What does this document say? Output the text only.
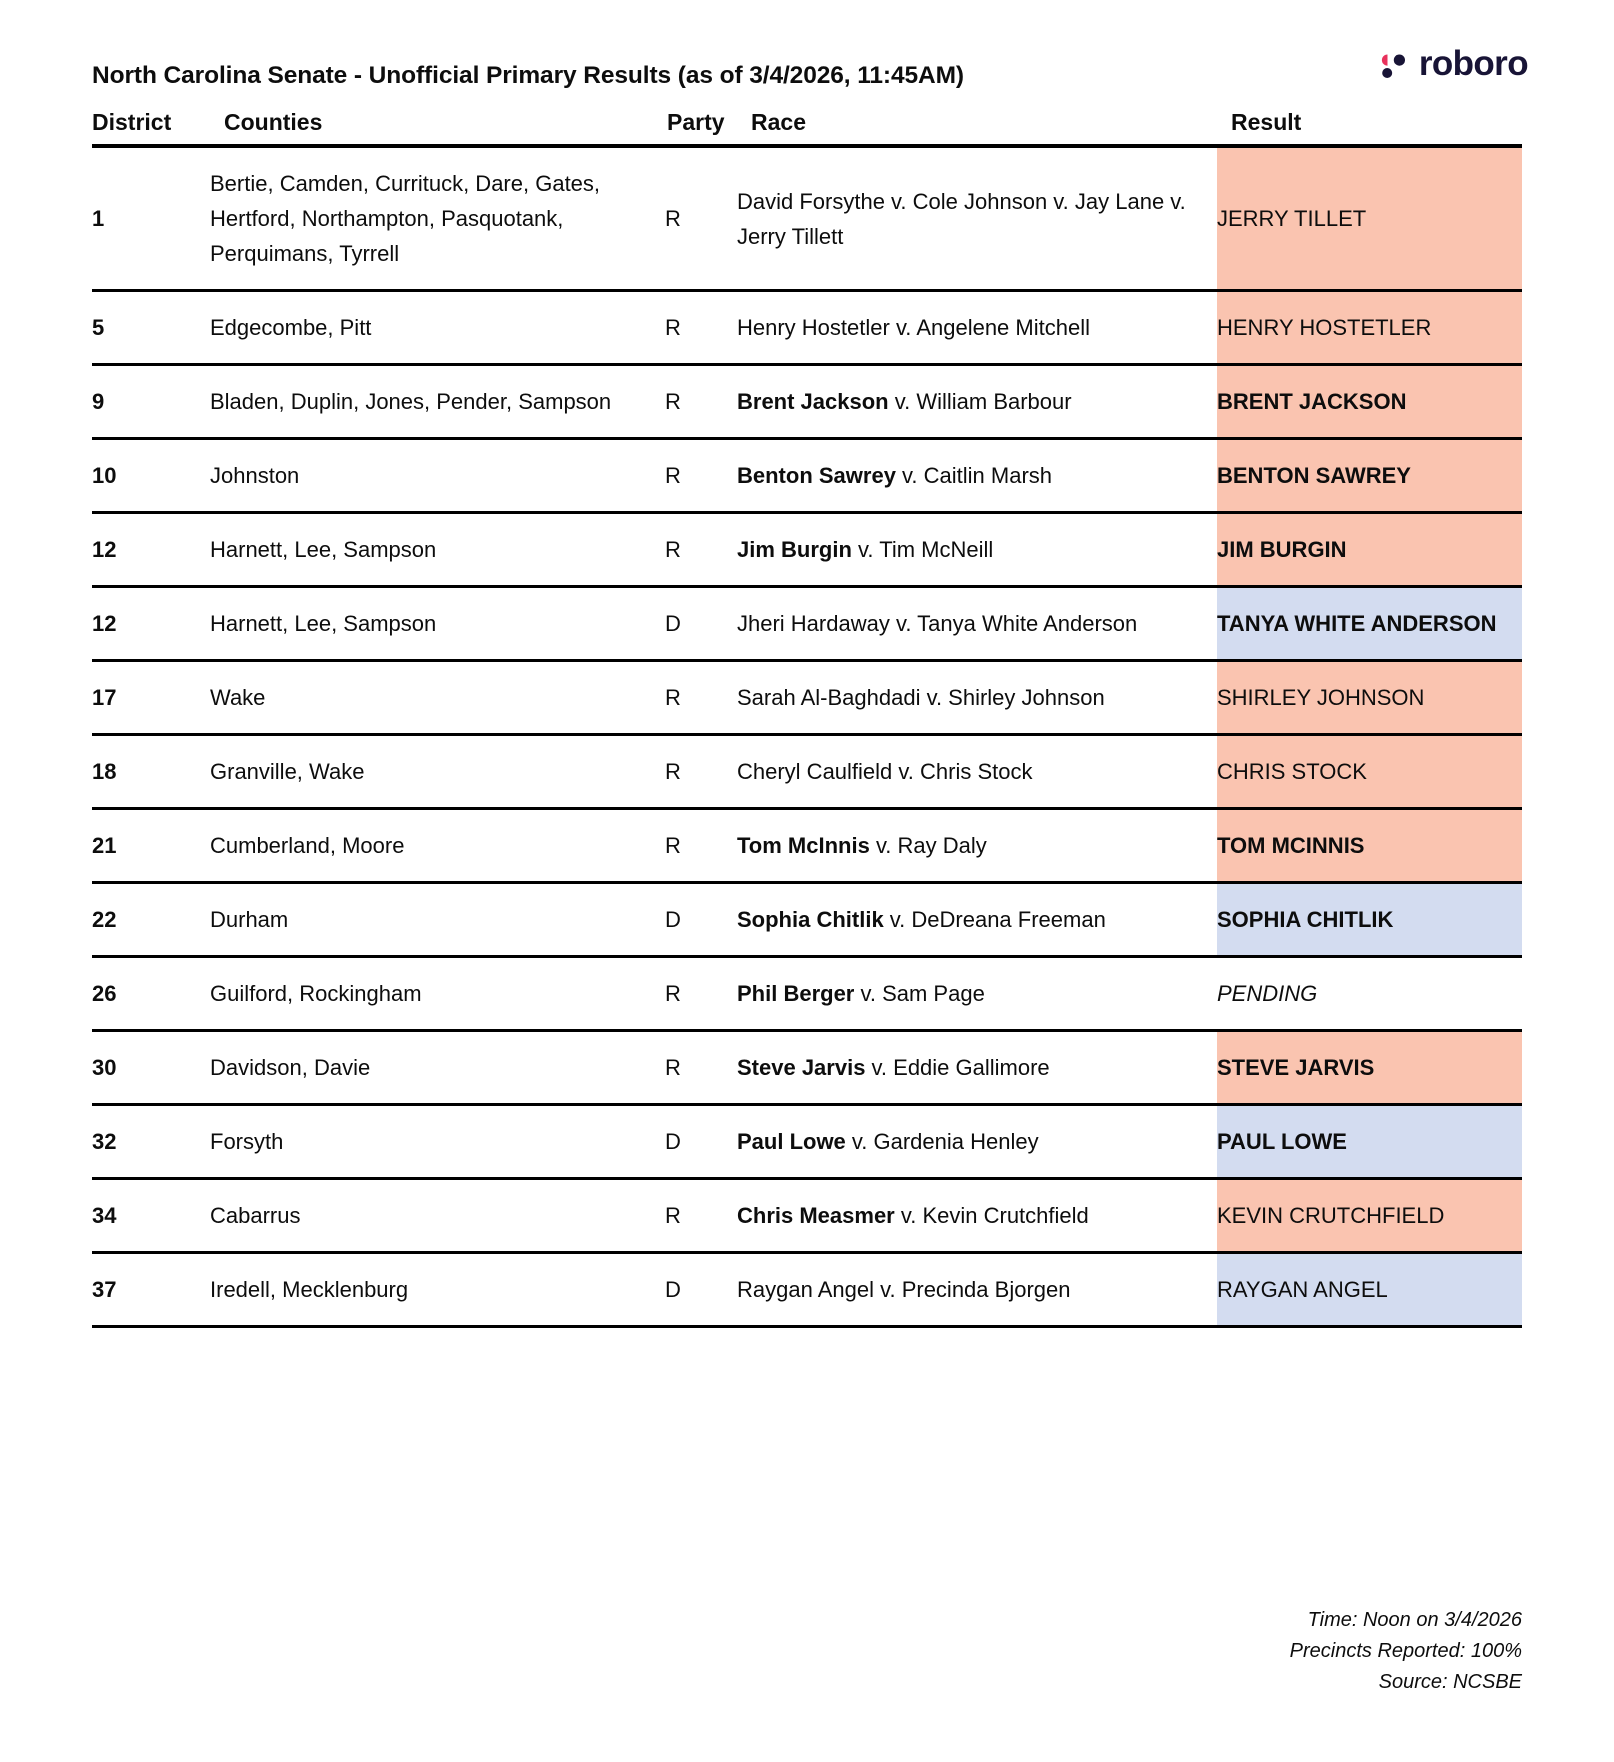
North Carolina Senate - Unofficial Primary Results (as of 3/4/2026, 11:45AM)	roboro
District	Counties	Party	Race	Result
1	Bertie, Camden, Currituck, Dare, Gates, Hertford, Northampton, Pasquotank, Perquimans, Tyrrell	R	David Forsythe v. Cole Johnson v. Jay Lane v. Jerry Tillett	JERRY TILLET
5	Edgecombe, Pitt	R	Henry Hostetler v. Angelene Mitchell	HENRY HOSTETLER
9	Bladen, Duplin, Jones, Pender, Sampson	R	Brent Jackson v. William Barbour	BRENT JACKSON
10	Johnston	R	Benton Sawrey v. Caitlin Marsh	BENTON SAWREY
12	Harnett, Lee, Sampson	R	Jim Burgin v. Tim McNeill	JIM BURGIN
12	Harnett, Lee, Sampson	D	Jheri Hardaway v. Tanya White Anderson	TANYA WHITE ANDERSON
17	Wake	R	Sarah Al-Baghdadi v. Shirley Johnson	SHIRLEY JOHNSON
18	Granville, Wake	R	Cheryl Caulfield v. Chris Stock	CHRIS STOCK
21	Cumberland, Moore	R	Tom McInnis v. Ray Daly	TOM MCINNIS
22	Durham	D	Sophia Chitlik v. DeDreana Freeman	SOPHIA CHITLIK
26	Guilford, Rockingham	R	Phil Berger v. Sam Page	PENDING
30	Davidson, Davie	R	Steve Jarvis v. Eddie Gallimore	STEVE JARVIS
32	Forsyth	D	Paul Lowe v. Gardenia Henley	PAUL LOWE
34	Cabarrus	R	Chris Measmer v. Kevin Crutchfield	KEVIN CRUTCHFIELD
37	Iredell, Mecklenburg	D	Raygan Angel v. Precinda Bjorgen	RAYGAN ANGEL
Time: Noon on 3/4/2026
Precincts Reported: 100%
Source: NCSBE
